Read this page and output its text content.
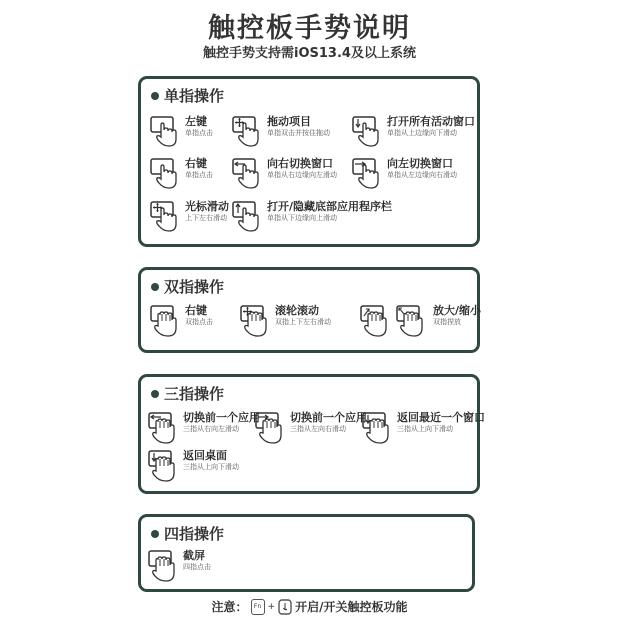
触控板手势说明
触控手势支持需iOS13.4及以上系统
单指操作
左键
单指点击
拖动项目
单指双击并按住拖动
打开所有活动窗口
单指从上边缘向下滑动
右键
单指点击
向右切换窗口
单指从右边缘向左滑动
向左切换窗口
单指从左边缘向右滑动
光标滑动
上下左右滑动
打开/隐藏底部应用程序栏
单指从下边缘向上滑动
双指操作
右键
双指点击
滚轮滚动
双指上下左右滑动
放大/缩小
双指捏放
三指操作
切换前一个应用
三指从右向左滑动
切换前一个应用
三指从左向右滑动
返回最近一个窗口
三指从上向下滑动
返回桌面
三指从上向下滑动
四指操作
截屏
四指点击
注意：	Fn + 开启/开关触控板功能
